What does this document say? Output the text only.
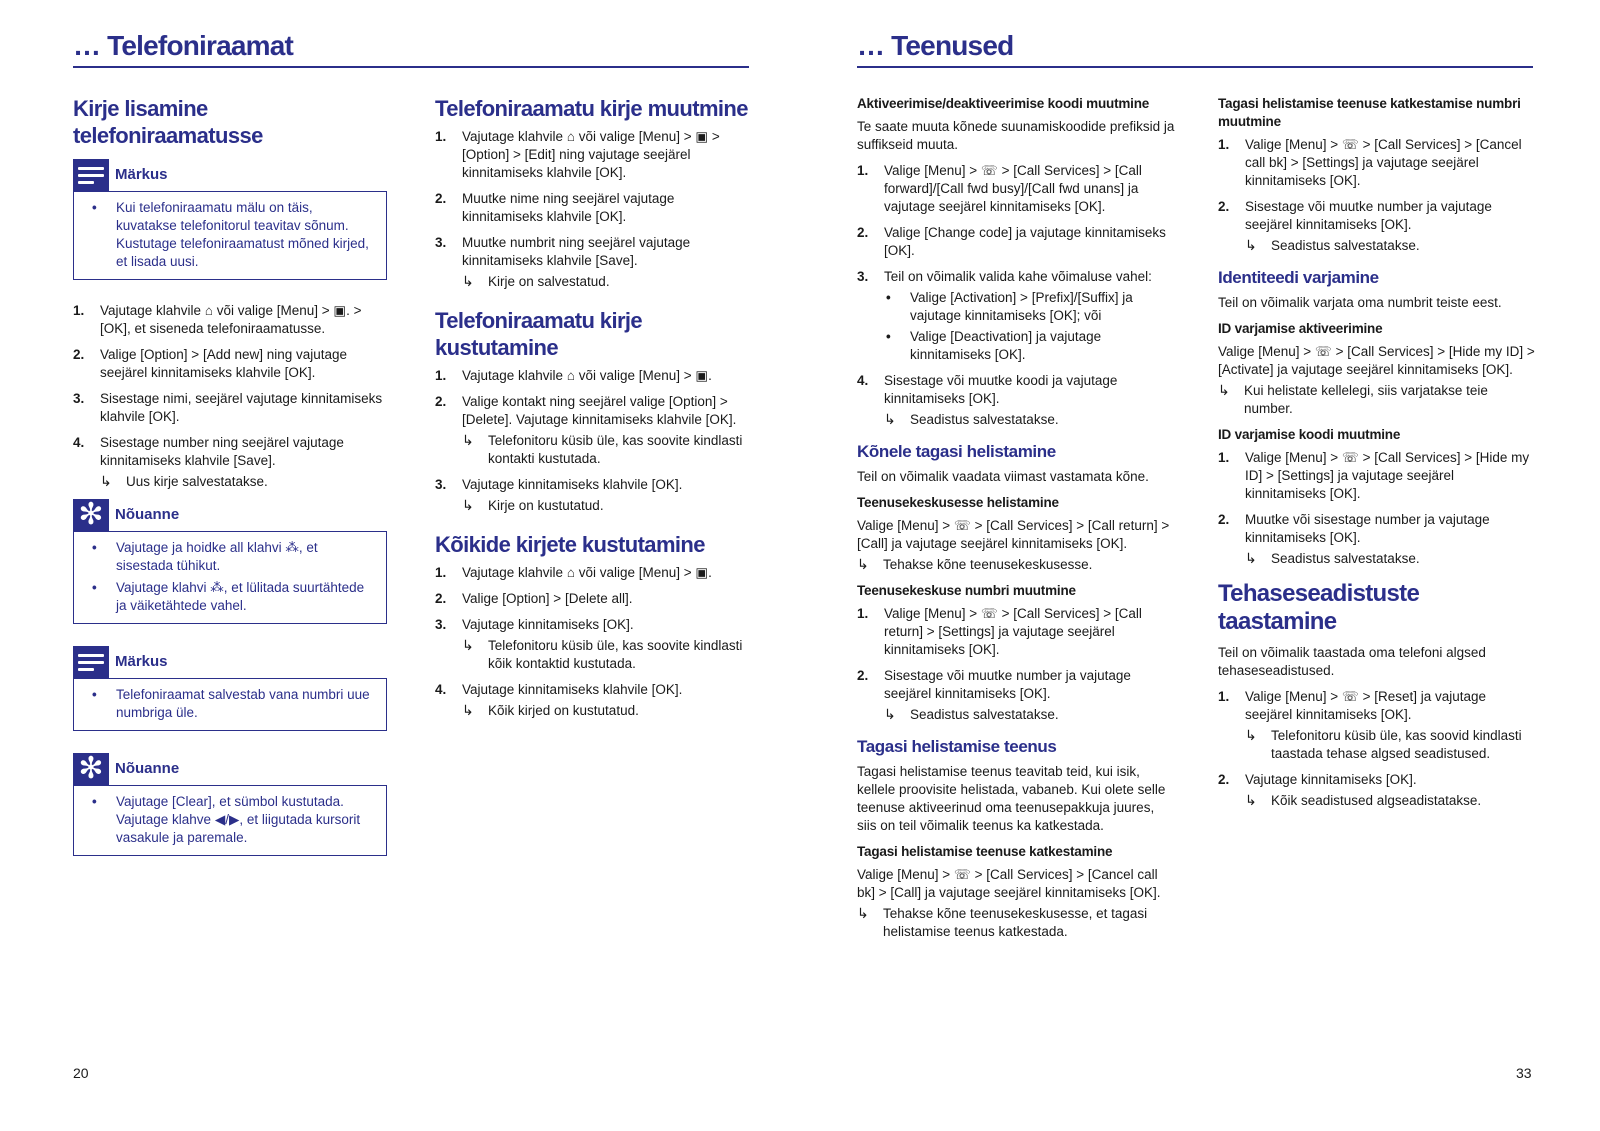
… Telefoniraamat	… Teenused
Kirje lisamine telefoniraamatusse
Märkus
• Kui telefoniraamatu mälu on täis, kuvatakse telefonitorul teavitav sõnum. Kustutage telefoniraamatust mõned kirjed, et lisada uusi.
1. Vajutage klahvile ⌂ või valige [Menu] > ▣. > [OK], et siseneda telefoniraamatusse.
2. Valige [Option] > [Add new] ning vajutage seejärel kinnitamiseks klahvile [OK].
3. Sisestage nimi, seejärel vajutage kinnitamiseks klahvile [OK].
4. Sisestage number ning seejärel vajutage kinnitamiseks klahvile [Save].
↳ Uus kirje salvestatakse.
✻ Nõuanne
• Vajutage ja hoidke all klahvi ⁂, et sisestada tühikut.
• Vajutage klahvi ⁂, et lülitada suurtähtede ja väiketähtede vahel.
Märkus
• Telefoniraamat salvestab vana numbri uue numbriga üle.
✻ Nõuanne
• Vajutage [Clear], et sümbol kustutada. Vajutage klahve ◀/▶, et liigutada kursorit vasakule ja paremale.
Telefoniraamatu kirje muutmine
1. Vajutage klahvile ⌂ või valige [Menu] > ▣ > [Option] > [Edit] ning vajutage seejärel kinnitamiseks klahvile [OK].
2. Muutke nime ning seejärel vajutage kinnitamiseks klahvile [OK].
3. Muutke numbrit ning seejärel vajutage kinnitamiseks klahvile [Save].
↳ Kirje on salvestatud.
Telefoniraamatu kirje kustutamine
1. Vajutage klahvile ⌂ või valige [Menu] > ▣.
2. Valige kontakt ning seejärel valige [Option] > [Delete]. Vajutage kinnitamiseks klahvile [OK].
↳ Telefonitoru küsib üle, kas soovite kindlasti kontakti kustutada.
3. Vajutage kinnitamiseks klahvile [OK].
↳ Kirje on kustutatud.
Kõikide kirjete kustutamine
1. Vajutage klahvile ⌂ või valige [Menu] > ▣.
2. Valige [Option] > [Delete all].
3. Vajutage kinnitamiseks [OK].
↳ Telefonitoru küsib üle, kas soovite kindlasti kõik kontaktid kustutada.
4. Vajutage kinnitamiseks klahvile [OK].
↳ Kõik kirjed on kustutatud.
Aktiveerimise/deaktiveerimise koodi muutmine
Te saate muuta kõnede suunamiskoodide prefiksid ja suffikseid muuta.
1. Valige [Menu] > ☏ > [Call Services] > [Call forward]/[Call fwd busy]/[Call fwd unans] ja vajutage seejärel kinnitamiseks [OK].
2. Valige [Change code] ja vajutage kinnitamiseks [OK].
3. Teil on võimalik valida kahe võimaluse vahel:
• Valige [Activation] > [Prefix]/[Suffix] ja vajutage kinnitamiseks [OK]; või
• Valige [Deactivation] ja vajutage kinnitamiseks [OK].
4. Sisestage või muutke koodi ja vajutage kinnitamiseks [OK].
↳ Seadistus salvestatakse.
Kõnele tagasi helistamine
Teil on võimalik vaadata viimast vastamata kõne.
Teenusekeskusesse helistamine
Valige [Menu] > ☏ > [Call Services] > [Call return] > [Call] ja vajutage seejärel kinnitamiseks [OK].
↳ Tehakse kõne teenusekeskusesse.
Teenusekeskuse numbri muutmine
1. Valige [Menu] > ☏ > [Call Services] > [Call return] > [Settings] ja vajutage seejärel kinnitamiseks [OK].
2. Sisestage või muutke number ja vajutage seejärel kinnitamiseks [OK].
↳ Seadistus salvestatakse.
Tagasi helistamise teenus
Tagasi helistamise teenus teavitab teid, kui isik, kellele proovisite helistada, vabaneb. Kui olete selle teenuse aktiveerinud oma teenusepakkuja juures, siis on teil võimalik teenus ka katkestada.
Tagasi helistamise teenuse katkestamine
Valige [Menu] > ☏ > [Call Services] > [Cancel call bk] > [Call] ja vajutage seejärel kinnitamiseks [OK].
↳ Tehakse kõne teenusekeskusesse, et tagasi helistamise teenus katkestada.
Tagasi helistamise teenuse katkestamise numbri muutmine
1. Valige [Menu] > ☏ > [Call Services] > [Cancel call bk] > [Settings] ja vajutage seejärel kinnitamiseks [OK].
2. Sisestage või muutke number ja vajutage seejärel kinnitamiseks [OK].
↳ Seadistus salvestatakse.
Identiteedi varjamine
Teil on võimalik varjata oma numbrit teiste eest.
ID varjamise aktiveerimine
Valige [Menu] > ☏ > [Call Services] > [Hide my ID] > [Activate] ja vajutage seejärel kinnitamiseks [OK].
↳ Kui helistate kellelegi, siis varjatakse teie number.
ID varjamise koodi muutmine
1. Valige [Menu] > ☏ > [Call Services] > [Hide my ID] > [Settings] ja vajutage seejärel kinnitamiseks [OK].
2. Muutke või sisestage number ja vajutage kinnitamiseks [OK].
↳ Seadistus salvestatakse.
Tehaseseadistuste taastamine
Teil on võimalik taastada oma telefoni algsed tehaseseadistused.
1. Valige [Menu] > ☏ > [Reset] ja vajutage seejärel kinnitamiseks [OK].
↳ Telefonitoru küsib üle, kas soovid kindlasti taastada tehase algsed seadistused.
2. Vajutage kinnitamiseks [OK].
↳ Kõik seadistused algseadistatakse.
20	33
